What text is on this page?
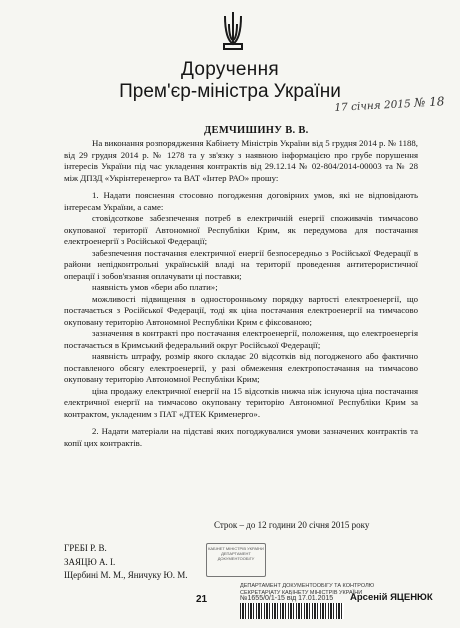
Доручення
Прем'єр-міністра України
17 січня 2015 № 18
ДЕМЧИШИНУ В. В.

На виконання розпорядження Кабінету Міністрів України від 5 грудня 2014 р. № 1188, від 29 грудня 2014 р. № 1278 та у зв'язку з наявною інформацією про грубе порушення інтересів України під час укладення контрактів від 29.12.14 № 02-804/2014-00003 та № 28 між ДПЗД «Укрінтеренерго» та ВАТ «Інтер РАО» прошу:

1. Надати пояснення стосовно погодження договірних умов, які не відповідають інтересам України, а саме:

стовідсоткове забезпечення потреб в електричній енергії споживачів тимчасово окупованої території Автономної Республіки Крим, як передумова для постачання електроенергії з Російської Федерації;

забезпечення постачання електричної енергії безпосередньо з Російської Федерації в райони непідконтрольні українській владі на території проведення антитерористичної операції і зобов'язання оплачувати ці поставки;

наявність умов «бери або плати»;

можливості підвищення в односторонньому порядку вартості електроенергії, що постачається з Російської Федерації, тоді як ціна постачання електроенергії на тимчасово окуповану територію Автономної Республіки Крим є фіксованою;

зазначення в контракті про постачання електроенергії, положення, що електроенергія постачається в Кримський федеральний округ Російської Федерації;

наявність штрафу, розмір якого складає 20 відсотків від погодженого або фактично поставленого обсягу електроенергії, у разі обмеження електропостачання на тимчасово окуповану територію Автономної Республіки Крим;

ціна продажу електричної енергії на 15 відсотків нижча ніж існуюча ціна постачання електричної енергії на тимчасово окуповану територію Автономної Республіки Крим за контрактом, укладеним з ПАТ «ДТЕК Крименерго».

2. Надати матеріали на підставі яких погоджувалися умови зазначених контрактів та копії цих контрактів.

Строк – до 12 години 20 січня 2015 року
ГРЕБІ Р. В.
ЗАЯЦЮ А. І.
Щербині М. М., Яничуку Ю. М.
КАБІНЕТ МІНІСТРІВ УКРАЇНИ ДЕПАРТАМЕНТ ДОКУМЕНТООБІГУ
21
ДЕПАРТАМЕНТ ДОКУМЕНТООБІГУ ТА КОНТРОЛЮ
СЕКРЕТАРІАТУ КАБІНЕТУ МІНІСТРІВ УКРАЇНИ
№1655/0/1-15 від 17.01.2015	Арсеній ЯЦЕНЮК
